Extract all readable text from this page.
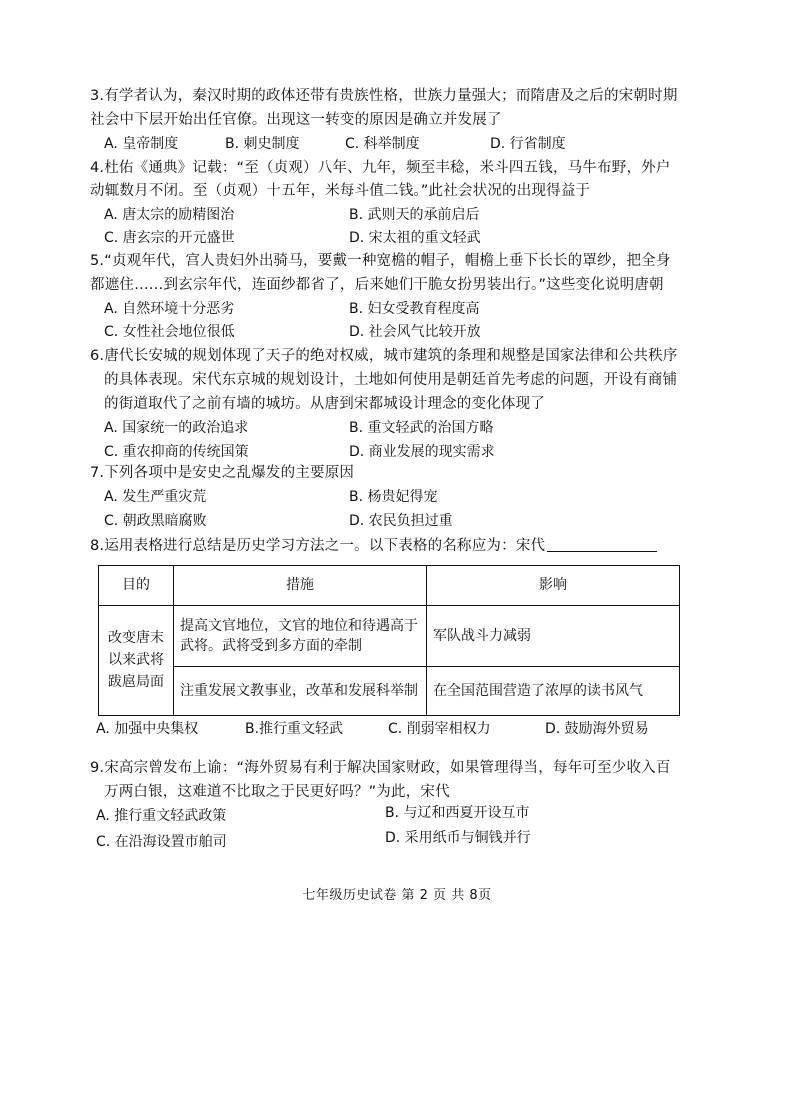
3.有学者认为，秦汉时期的政体还带有贵族性格，世族力量强大；而隋唐及之后的宋朝时期
社会中下层开始出任官僚。出现这一转变的原因是确立并发展了
A. 皇帝制度	B. 刺史制度	C. 科举制度	D. 行省制度
4.杜佑《通典》记载：“至（贞观）八年、九年，频至丰稔，米斗四五钱，马牛布野，外户
动辄数月不闭。至（贞观）十五年，米每斗值二钱。”此社会状况的出现得益于
A. 唐太宗的励精图治	B. 武则天的承前启后
C. 唐玄宗的开元盛世	D. 宋太祖的重文轻武
5.“贞观年代，宫人贵妇外出骑马，要戴一种宽檐的帽子，帽檐上垂下长长的罩纱，把全身
都遮住……到玄宗年代，连面纱都省了，后来她们干脆女扮男装出行。”这些变化说明唐朝
A. 自然环境十分恶劣	B. 妇女受教育程度高
C. 女性社会地位很低	D. 社会风气比较开放
6.唐代长安城的规划体现了天子的绝对权威，城市建筑的条理和规整是国家法律和公共秩序
的具体表现。宋代东京城的规划设计，土地如何使用是朝廷首先考虑的问题，开设有商铺
的街道取代了之前有墙的城坊。从唐到宋都城设计理念的变化体现了
A. 国家统一的政治追求	B. 重文轻武的治国方略
C. 重农抑商的传统国策	D. 商业发展的现实需求
7.下列各项中是安史之乱爆发的主要原因
A. 发生严重灾荒	B. 杨贵妃得宠
C. 朝政黑暗腐败	D. 农民负担过重
8.运用表格进行总结是历史学习方法之一。以下表格的名称应为：宋代
目的	措施	影响
改变唐末以来武将跋扈局面	提高文官地位，文官的地位和待遇高于武将。武将受到多方面的牵制	军队战斗力减弱
	注重发展文教事业，改革和发展科举制	在全国范围营造了浓厚的读书风气
A. 加强中央集权	B.推行重文轻武	C. 削弱宰相权力	D. 鼓励海外贸易
9.宋高宗曾发布上谕：“海外贸易有利于解决国家财政，如果管理得当，每年可至少收入百
万两白银，这难道不比取之于民更好吗？”为此，宋代
A. 推行重文轻武政策	B. 与辽和西夏开设互市
C. 在沿海设置市舶司	D. 采用纸币与铜钱并行
七年级历史试卷 第 2 页 共 8页
